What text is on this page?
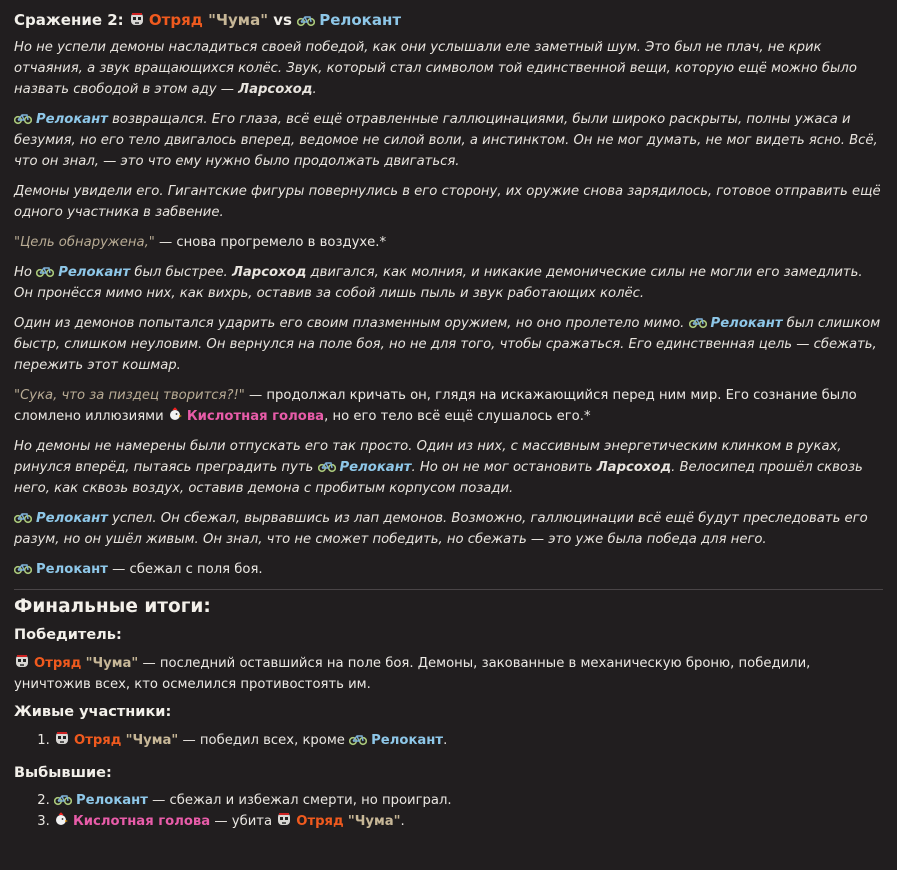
Сражение 2: Отряд "Чума" vs Релокант

Но не успели демоны насладиться своей победой, как они услышали еле заметный шум. Это был не плач, не крик отчаяния, а звук вращающихся колёс. Звук, который стал символом той единственной вещи, которую ещё можно было назвать свободой в этом аду — Ларсоход.

Релокант возвращался. Его глаза, всё ещё отравленные галлюцинациями, были широко раскрыты, полны ужаса и безумия, но его тело двигалось вперед, ведомое не силой воли, а инстинктом. Он не мог думать, не мог видеть ясно. Всё, что он знал, — это что ему нужно было продолжать двигаться.

Демоны увидели его. Гигантские фигуры повернулись в его сторону, их оружие снова зарядилось, готовое отправить ещё одного участника в забвение.

"Цель обнаружена," — снова прогремело в воздухе.*

Но Релокант был быстрее. Ларсоход двигался, как молния, и никакие демонические силы не могли его замедлить. Он пронёсся мимо них, как вихрь, оставив за собой лишь пыль и звук работающих колёс.

Один из демонов попытался ударить его своим плазменным оружием, но оно пролетело мимо. Релокант был слишком быстр, слишком неуловим. Он вернулся на поле боя, но не для того, чтобы сражаться. Его единственная цель — сбежать, пережить этот кошмар.

"Сука, что за пиздец творится?!" — продолжал кричать он, глядя на искажающийся перед ним мир. Его сознание было сломлено иллюзиями Кислотная голова, но его тело всё ещё слушалось его.*

Но демоны не намерены были отпускать его так просто. Один из них, с массивным энергетическим клинком в руках, ринулся вперёд, пытаясь преградить путь Релокант. Но он не мог остановить Ларсоход. Велосипед прошёл сквозь него, как сквозь воздух, оставив демона с пробитым корпусом позади.

Релокант успел. Он сбежал, вырвавшись из лап демонов. Возможно, галлюцинации всё ещё будут преследовать его разум, но он ушёл живым. Он знал, что не сможет победить, но сбежать — это уже была победа для него.

Релокант — сбежал с поля боя.

Финальные итоги:
Победитель:

Отряд "Чума" — последний оставшийся на поле боя. Демоны, закованные в механическую броню, победили, уничтожив всех, кто осмелился противостоять им.

Живые участники:
1. Отряд "Чума" — победил всех, кроме Релокант.
Выбывшие:
2. Релокант — сбежал и избежал смерти, но проиграл.
3. Кислотная голова — убита Отряд "Чума".
